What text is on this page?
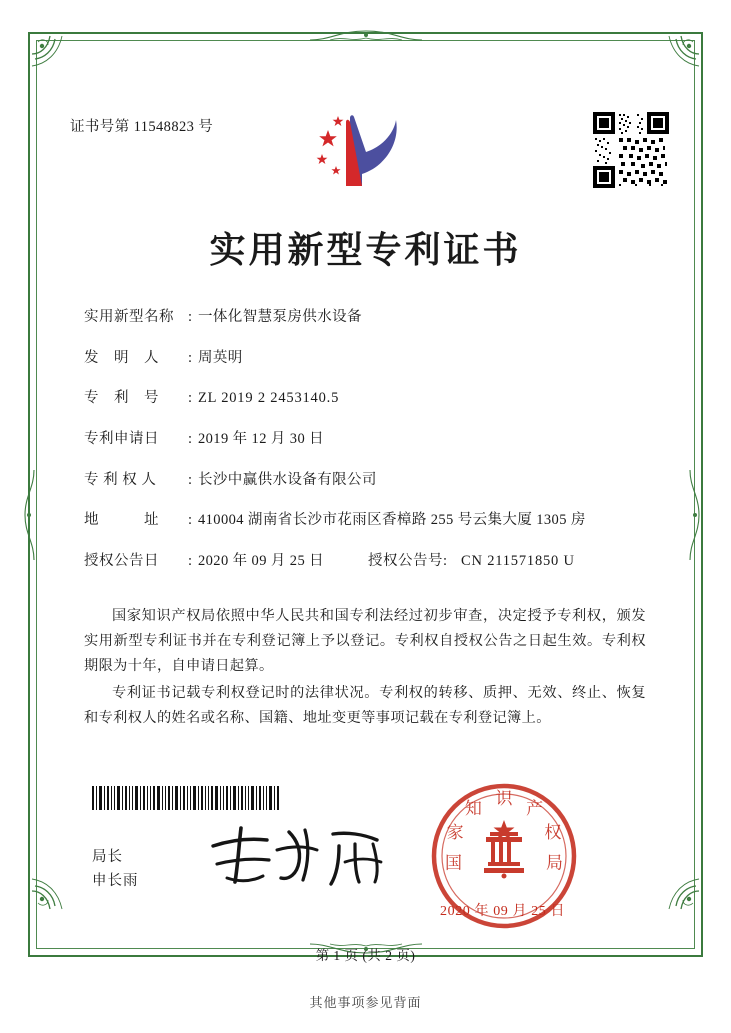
证书号第 11548823 号
实用新型专利证书
实用新型名称 : 一体化智慧泵房供水设备
发　明　人	: 周英明
专　利　号	: ZL 2019 2 2453140.5
专利申请日	: 2019 年 12 月 30 日
专 利 权 人	: 长沙中赢供水设备有限公司
地　　　址	: 410004 湖南省长沙市花雨区香樟路 255 号云集大厦 1305 房
授权公告日	: 2020 年 09 月 25 日	授权公告号 : CN 211571850 U

国家知识产权局依照中华人民共和国专利法经过初步审查，决定授予专利权，颁发实用新型专利证书并在专利登记簿上予以登记。专利权自授权公告之日起生效。专利权期限为十年，自申请日起算。

专利证书记载专利权登记时的法律状况。专利权的转移、质押、无效、终止、恢复和专利权人的姓名或名称、国籍、地址变更等事项记载在专利登记簿上。

局长
申长雨
国
家
知 识 产
权
局
2020 年 09 月 25 日
第 1 页 (共 2 页)
其他事项参见背面
